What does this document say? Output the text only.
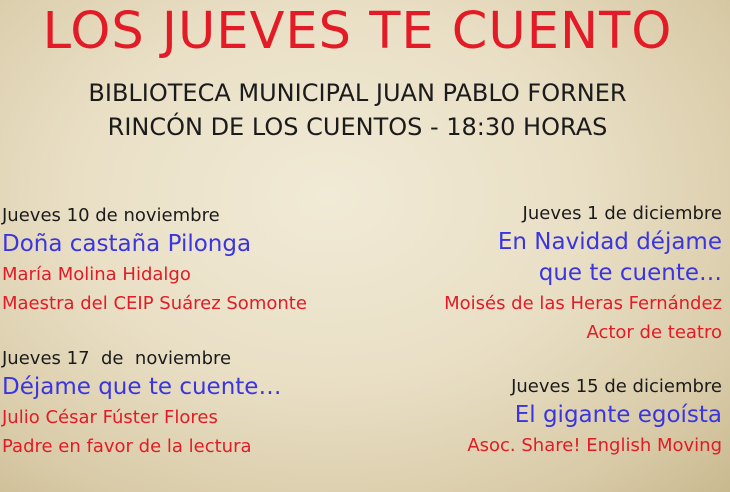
LOS JUEVES TE CUENTO
BIBLIOTECA MUNICIPAL JUAN PABLO FORNER
RINCÓN DE LOS CUENTOS - 18:30 HORAS
Jueves 10 de noviembre
Doña castaña Pilonga
María Molina Hidalgo
Maestra del CEIP Suárez Somonte
Jueves 17  de  noviembre
Déjame que te cuente…
Julio César Fúster Flores
Padre en favor de la lectura
Jueves 1 de diciembre
En Navidad déjame
que te cuente…
Moisés de las Heras Fernández
Actor de teatro
Jueves 15 de diciembre
El gigante egoísta
Asoc. Share! English Moving
